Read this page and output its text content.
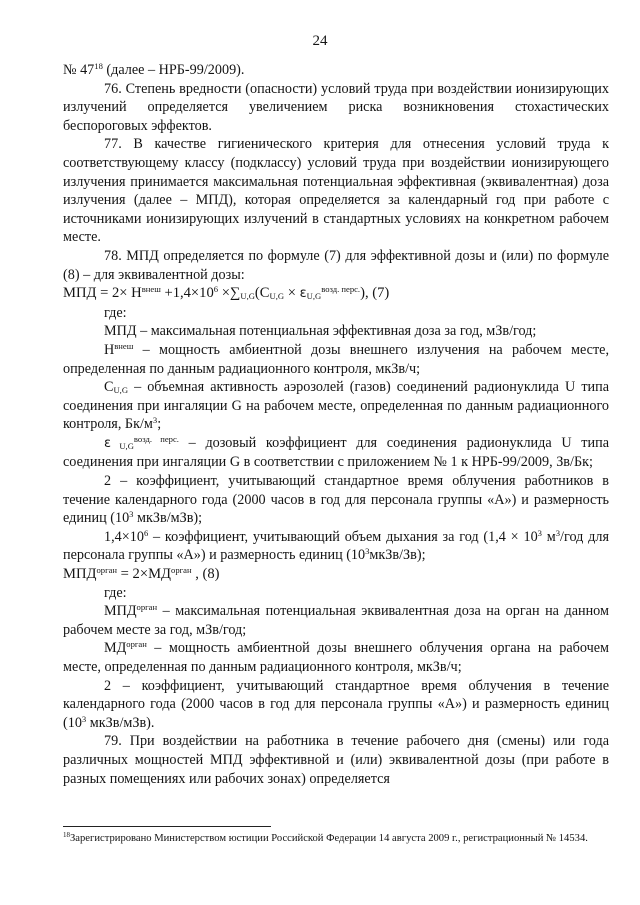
24

№ $47^{18}$ (далее – НРБ-99/2009).

76. Степень вредности (опасности) условий труда при воздействии ионизирующих излучений определяется увеличением риска возникновения стохастических беспороговых эффектов.

77. В качестве гигиенического критерия для отнесения условий труда к соответствующему классу (подклассу) условий труда при воздействии ионизирующего излучения принимается максимальная потенциальная эффективная (эквивалентная) доза излучения (далее – МПД), которая определяется за календарный год при работе с источниками ионизирующих излучений в стандартных условиях на конкретном рабочем месте.

78. МПД определяется по формуле (7) для эффективной дозы и (или) по формуле (8) – для эквивалентной дозы:

МПД = $2\times H^{внеш} +1,4\times 10^6 \times\sum U,G(CU,G \times \varepsilon U,G^{возд. перс.})$, (7)

где:

МПД – максимальная потенциальная эффективная доза за год, мЗв/год;

$H^{внеш}$ – мощность амбиентной дозы внешнего излучения на рабочем месте, определенная по данным радиационного контроля, мкЗв/ч;

CU,G – объемная активность аэрозолей (газов) соединений радионуклида U типа соединения при ингаляции G на рабочем месте, определенная по данным радиационного контроля, $Бк/м^3$;

ε $U,G^{возд. перс.}$ – дозовый коэффициент для соединения радионуклида U типа соединения при ингаляции G в соответствии с приложением № 1 к НРБ-99/2009, Зв/Бк;

2 – коэффициент, учитывающий стандартное время облучения работников в течение календарного года (2000 часов в год для персонала группы «А») и размерность единиц ($10^3$ мкЗв/мЗв);

$1,4\times 10^6$ – коэффициент, учитывающий объем дыхания за год ($1,4 \times 10^3$ $м^3$/год для персонала группы «А») и размерность единиц $(10^3мкЗв/Зв)$;

$МПД^{орган} = 2\times МД^{орган}$ , (8)

где:

$МПД^{орган}$ – максимальная потенциальная эквивалентная доза на орган на данном рабочем месте за год, мЗв/год;

$МД^{орган}$ – мощность амбиентной дозы внешнего облучения органа на рабочем месте, определенная по данным радиационного контроля, мкЗв/ч;

2 – коэффициент, учитывающий стандартное время облучения в течение календарного года (2000 часов в год для персонала группы «А») и размерность единиц ($10^3$ мкЗв/мЗв).

79. При воздействии на работника в течение рабочего дня (смены) или года различных мощностей МПД эффективной и (или) эквивалентной дозы (при работе в разных помещениях или рабочих зонах) определяется

$^{18}$Зарегистрировано Министерством юстиции Российской Федерации 14 августа 2009 г., регистрационный № 14534.
